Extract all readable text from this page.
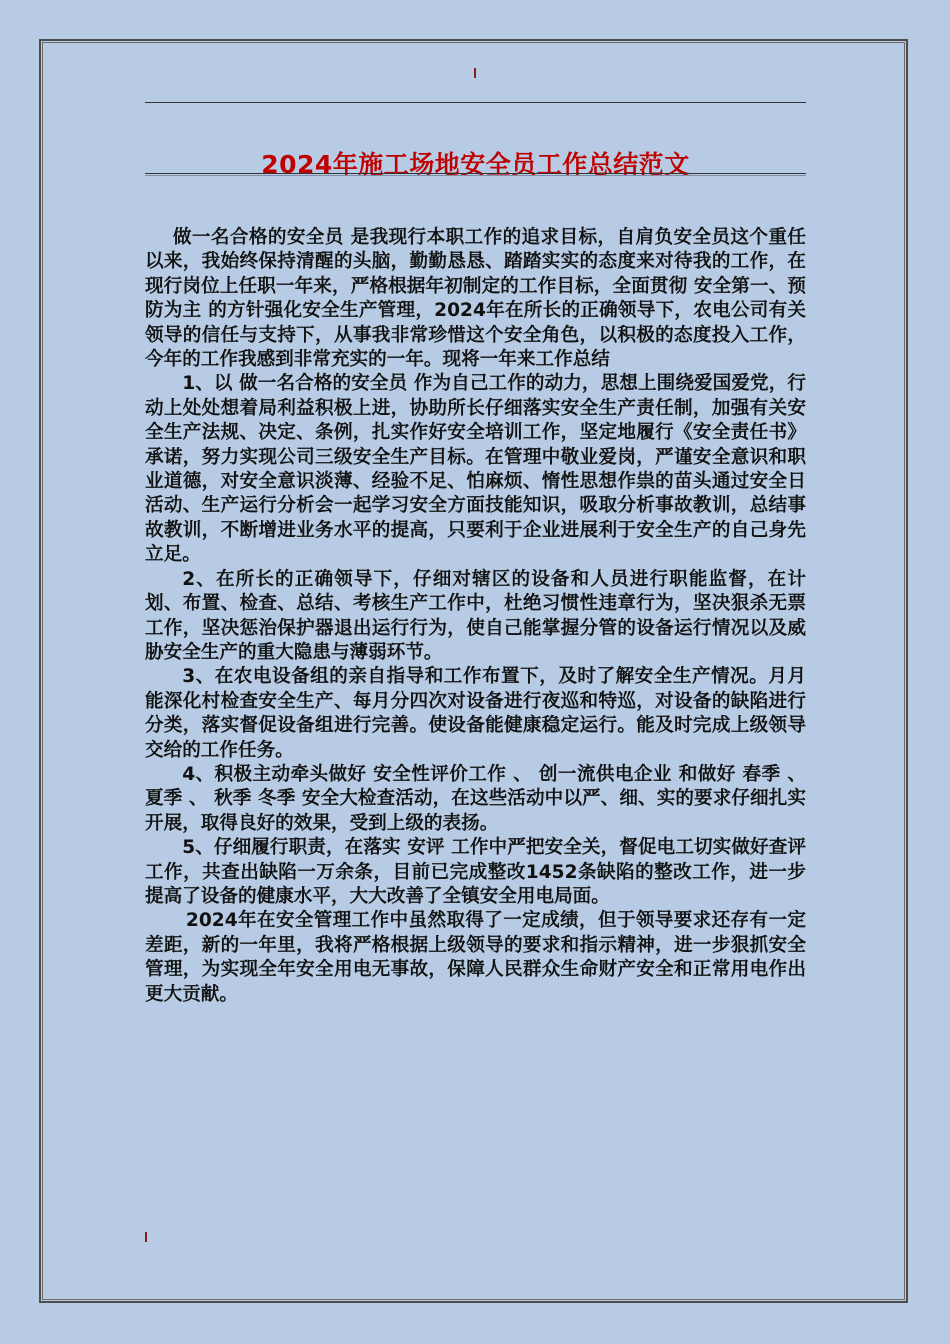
2024年施工场地安全员工作总结范文

做一名合格的安全员 是我现行本职工作的追求目标，自肩负安全员这个重任以来，我始终保持清醒的头脑，勤勤恳恳、踏踏实实的态度来对待我的工作，在现行岗位上任职一年来，严格根据年初制定的工作目标，全面贯彻 安全第一、预防为主 的方针强化安全生产管理，2024年在所长的正确领导下，农电公司有关领导的信任与支持下，从事我非常珍惜这个安全角色，以积极的态度投入工作，今年的工作我感到非常充实的一年。现将一年来工作总结

1、以 做一名合格的安全员 作为自己工作的动力，思想上围绕爱国爱党，行动上处处想着局利益积极上进，协助所长仔细落实安全生产责任制，加强有关安全生产法规、决定、条例，扎实作好安全培训工作，坚定地履行《安全责任书》承诺，努力实现公司三级安全生产目标。在管理中敬业爱岗，严谨安全意识和职业道德，对安全意识淡薄、经验不足、怕麻烦、惰性思想作祟的苗头通过安全日活动、生产运行分析会一起学习安全方面技能知识，吸取分析事故教训，总结事故教训，不断增进业务水平的提高，只要利于企业进展利于安全生产的自己身先立足。

2、在所长的正确领导下，仔细对辖区的设备和人员进行职能监督，在计划、布置、检查、总结、考核生产工作中，杜绝习惯性违章行为，坚决狠杀无票工作，坚决惩治保护器退出运行行为，使自己能掌握分管的设备运行情况以及威胁安全生产的重大隐患与薄弱环节。

3、在农电设备组的亲自指导和工作布置下，及时了解安全生产情况。月月能深化村检查安全生产、每月分四次对设备进行夜巡和特巡，对设备的缺陷进行分类，落实督促设备组进行完善。使设备能健康稳定运行。能及时完成上级领导交给的工作任务。

4、积极主动牵头做好 安全性评价工作 、 创一流供电企业 和做好 春季 、 夏季 、 秋季 冬季 安全大检查活动，在这些活动中以严、细、实的要求仔细扎实开展，取得良好的效果，受到上级的表扬。

5、仔细履行职责，在落实 安评 工作中严把安全关，督促电工切实做好查评工作，共查出缺陷一万余条，目前已完成整改1452条缺陷的整改工作，进一步提高了设备的健康水平，大大改善了全镇安全用电局面。

2024年在安全管理工作中虽然取得了一定成绩，但于领导要求还存有一定差距，新的一年里，我将严格根据上级领导的要求和指示精神，进一步狠抓安全管理，为实现全年安全用电无事故，保障人民群众生命财产安全和正常用电作出更大贡献。
